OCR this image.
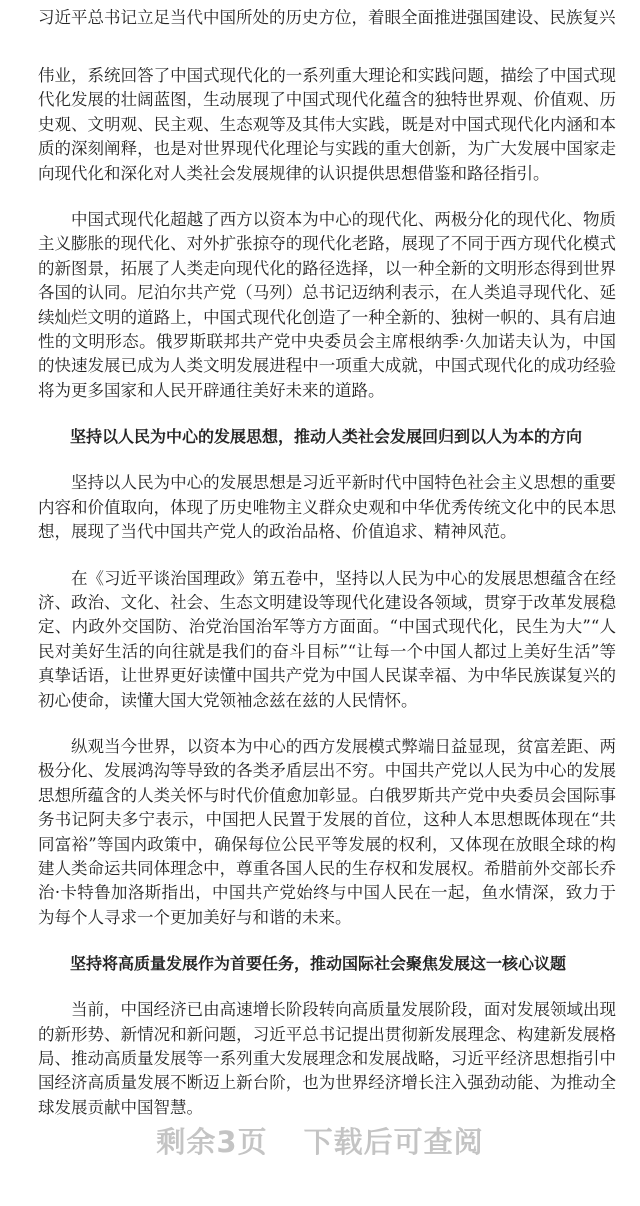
习近平总书记立足当代中国所处的历史方位，着眼全面推进强国建设、民族复兴

伟业，系统回答了中国式现代化的一系列重大理论和实践问题，描绘了中国式现代化发展的壮阔蓝图，生动展现了中国式现代化蕴含的独特世界观、价值观、历史观、文明观、民主观、生态观等及其伟大实践，既是对中国式现代化内涵和本质的深刻阐释，也是对世界现代化理论与实践的重大创新，为广大发展中国家走向现代化和深化对人类社会发展规律的认识提供思想借鉴和路径指引。

中国式现代化超越了西方以资本为中心的现代化、两极分化的现代化、物质主义膨胀的现代化、对外扩张掠夺的现代化老路，展现了不同于西方现代化模式的新图景，拓展了人类走向现代化的路径选择，以一种全新的文明形态得到世界各国的认同。尼泊尔共产党（马列）总书记迈纳利表示，在人类追寻现代化、延续灿烂文明的道路上，中国式现代化创造了一种全新的、独树一帜的、具有启迪性的文明形态。俄罗斯联邦共产党中央委员会主席根纳季·久加诺夫认为，中国的快速发展已成为人类文明发展进程中一项重大成就，中国式现代化的成功经验将为更多国家和人民开辟通往美好未来的道路。

坚持以人民为中心的发展思想，推动人类社会发展回归到以人为本的方向

坚持以人民为中心的发展思想是习近平新时代中国特色社会主义思想的重要内容和价值取向，体现了历史唯物主义群众史观和中华优秀传统文化中的民本思想，展现了当代中国共产党人的政治品格、价值追求、精神风范。

在《习近平谈治国理政》第五卷中，坚持以人民为中心的发展思想蕴含在经济、政治、文化、社会、生态文明建设等现代化建设各领域，贯穿于改革发展稳定、内政外交国防、治党治国治军等方方面面。“中国式现代化，民生为大”“人民对美好生活的向往就是我们的奋斗目标”“让每一个中国人都过上美好生活”等真挚话语，让世界更好读懂中国共产党为中国人民谋幸福、为中华民族谋复兴的初心使命，读懂大国大党领袖念兹在兹的人民情怀。

纵观当今世界，以资本为中心的西方发展模式弊端日益显现，贫富差距、两极分化、发展鸿沟等导致的各类矛盾层出不穷。中国共产党以人民为中心的发展思想所蕴含的人类关怀与时代价值愈加彰显。白俄罗斯共产党中央委员会国际事务书记阿夫多宁表示，中国把人民置于发展的首位，这种人本思想既体现在“共同富裕”等国内政策中，确保每位公民平等发展的权利，又体现在放眼全球的构建人类命运共同体理念中，尊重各国人民的生存权和发展权。希腊前外交部长乔治·卡特鲁加洛斯指出，中国共产党始终与中国人民在一起，鱼水情深，致力于为每个人寻求一个更加美好与和谐的未来。

坚持将高质量发展作为首要任务，推动国际社会聚焦发展这一核心议题

当前，中国经济已由高速增长阶段转向高质量发展阶段，面对发展领域出现的新形势、新情况和新问题，习近平总书记提出贯彻新发展理念、构建新发展格局、推动高质量发展等一系列重大发展理念和发展战略，习近平经济思想指引中国经济高质量发展不断迈上新台阶，也为世界经济增长注入强劲动能、为推动全球发展贡献中国智慧。

剩余3页 下载后可查阅
